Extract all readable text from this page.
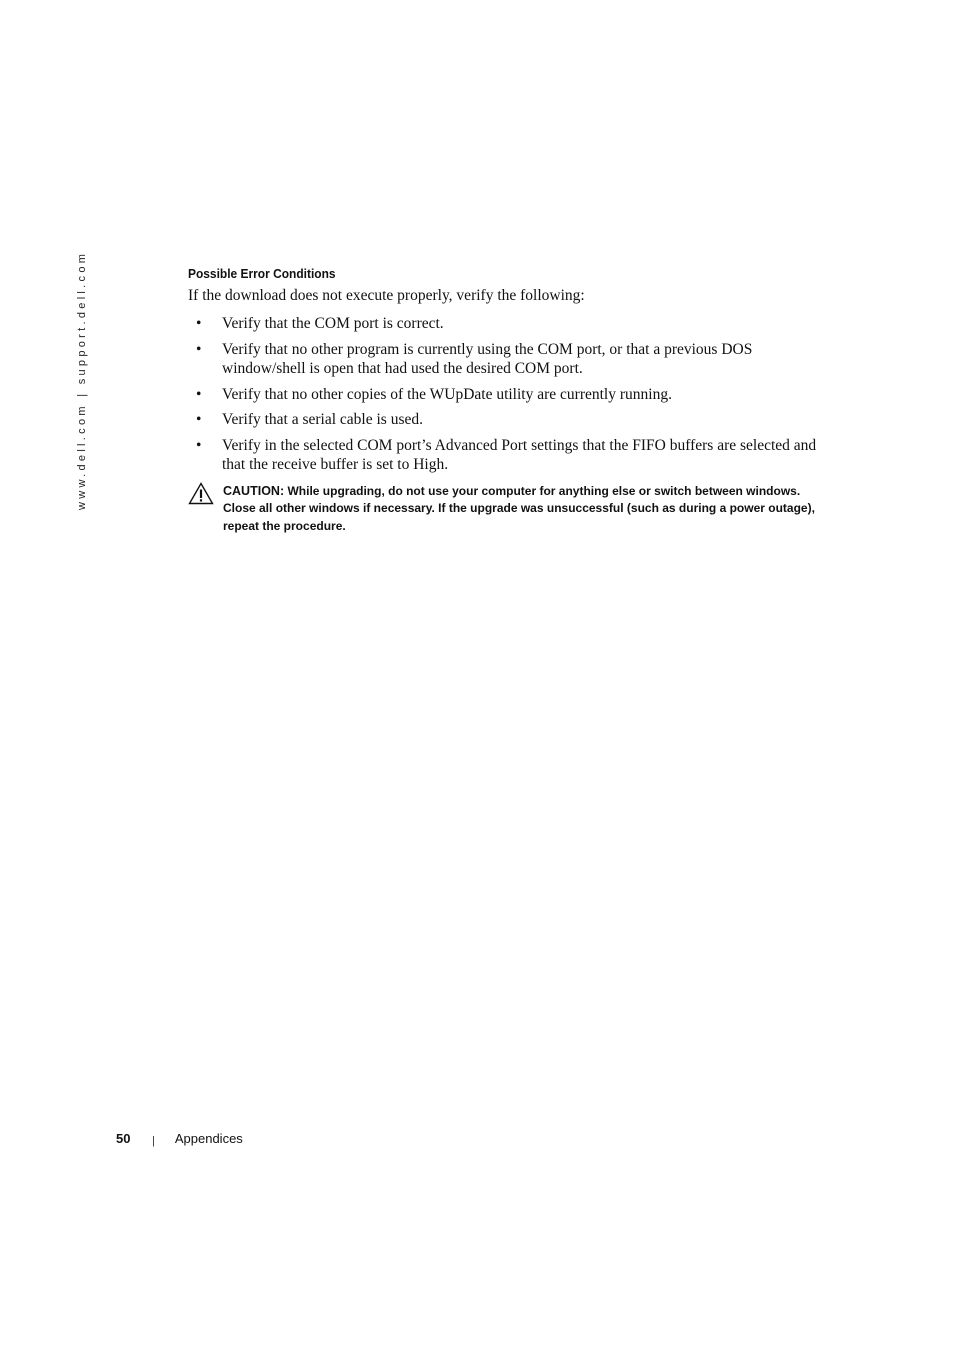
www.dell.com | support.dell.com	Possible Error Conditions

If the download does not execute properly, verify the following:

• Verify that the COM port is correct.
• Verify that no other program is currently using the COM port, or that a previous DOS window/shell is open that had used the desired COM port.
• Verify that no other copies of the WUpDate utility are currently running.
• Verify that a serial cable is used.
• Verify in the selected COM port’s Advanced Port settings that the FIFO buffers are selected and that the receive buffer is set to High.
CAUTION: While upgrading, do not use your computer for anything else or switch between windows. Close all other windows if necessary. If the upgrade was unsuccessful (such as during a power outage), repeat the procedure.
50 | Appendices
